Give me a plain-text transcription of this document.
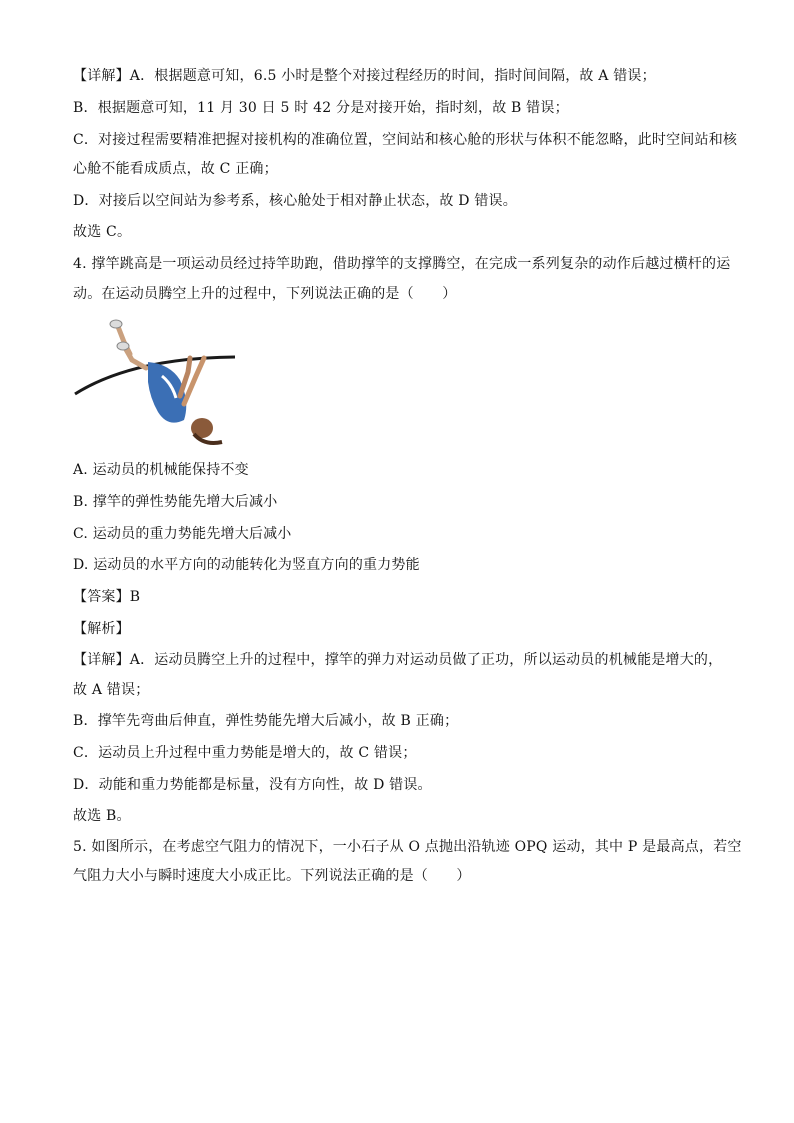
【详解】A．根据题意可知，6.5 小时是整个对接过程经历的时间，指时间间隔，故 A 错误；
B．根据题意可知，11 月 30 日 5 时 42 分是对接开始，指时刻，故 B 错误；
C．对接过程需要精准把握对接机构的准确位置，空间站和核心舱的形状与体积不能忽略，此时空间站和核
心舱不能看成质点，故 C 正确；
D．对接后以空间站为参考系，核心舱处于相对静止状态，故 D 错误。
故选 C。
4. 撑竿跳高是一项运动员经过持竿助跑，借助撑竿的支撑腾空，在完成一系列复杂的动作后越过横杆的运
动。在运动员腾空上升的过程中，下列说法正确的是（　　）
A. 运动员的机械能保持不变
B. 撑竿的弹性势能先增大后减小
C. 运动员的重力势能先增大后减小
D. 运动员的水平方向的动能转化为竖直方向的重力势能
【答案】B
【解析】
【详解】A．运动员腾空上升的过程中，撑竿的弹力对运动员做了正功，所以运动员的机械能是增大的，
故 A 错误；
B．撑竿先弯曲后伸直，弹性势能先增大后减小，故 B 正确；
C．运动员上升过程中重力势能是增大的，故 C 错误；
D．动能和重力势能都是标量，没有方向性，故 D 错误。
故选 B。
5. 如图所示，在考虑空气阻力的情况下，一小石子从 O 点抛出沿轨迹 OPQ 运动，其中 P 是最高点，若空
气阻力大小与瞬时速度大小成正比。下列说法正确的是（　　）
